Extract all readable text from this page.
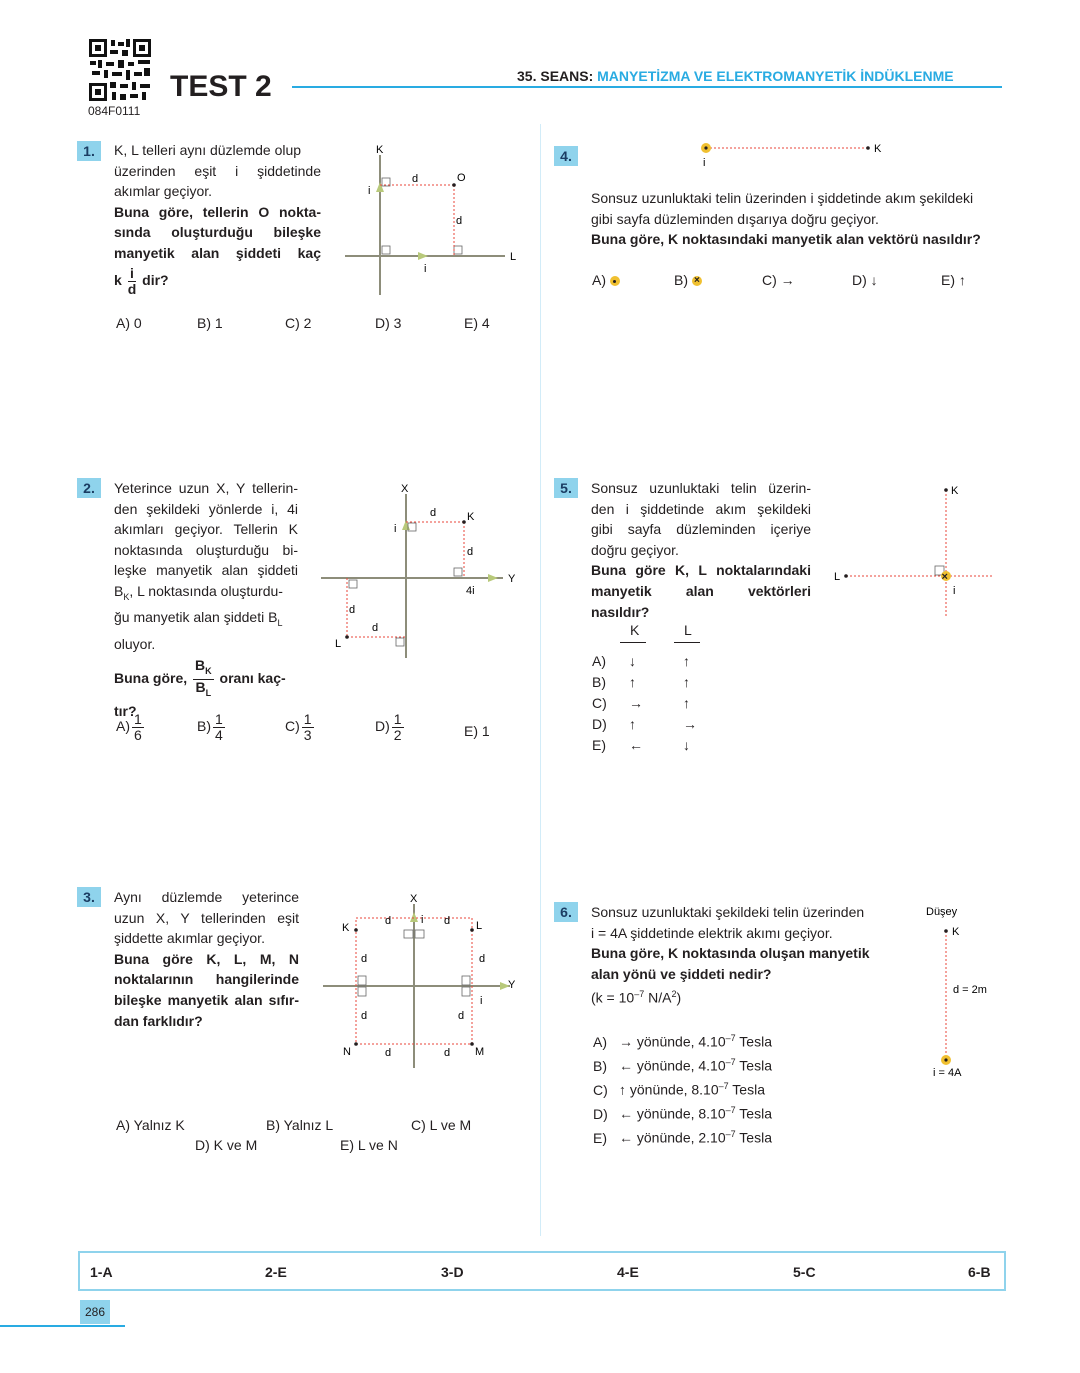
084F0111
TEST 2	35. SEANS: MANYETİZMA VE ELEKTROMANYETİK İNDÜKLENME
1.	K, L telleri aynı düzlemde olup
üzerinden eşit i şiddetinde
akımlar geçiyor.
Buna göre, tellerin O nokta-
sında oluşturduğu bileşke
manyetik alan şiddeti kaç
k $\frac{i}{d}$ dir?
K
O
L
i
i
d
d
A) 0	B) 1	C) 2	D) 3	E) 4
2.	Yeterince uzun X, Y tellerin-
den şekildeki yönlerde i, 4i
akımları geçiyor. Tellerin K
noktasında oluşturduğu bi-
leşke manyetik alan şiddeti
$B_K$, L noktasında oluşturdu-
ğu manyetik alan şiddeti $B_L$
oluyor.
Buna göre, $\frac{B_K}{B_L}$ oranı kaç-
tır?
X
Y
K
L
i
4i
d
d
d
d
$A) \frac{1}{6}$	$B) \frac{1}{4}$	$C) \frac{1}{3}$	$D) \frac{1}{2}$	E) 1
3.	Aynı düzlemde yeterince
uzun X, Y tellerinden eşit
şiddette akımlar geçiyor.
Buna göre K, L, M, N
noktalarının hangilerinde
bileşke manyetik alan sıfır-
dan farklıdır?
X
Y
K	L
M
N
i
i
d	d
d	d
d	d
d	d
A) Yalnız K	B) Yalnız L	C) L ve M
D) K ve M	E) L ve N
4.	i
K
Sonsuz uzunluktaki telin üzerinden i şiddetinde akım şekildeki
gibi sayfa düzleminden dışarıya doğru geçiyor.
Buna göre, K noktasındaki manyetik alan vektörü nasıldır?
A)	B) ×	C) →	D) ↓	E) ↑
5.	Sonsuz uzunluktaki telin üzerin-
den i şiddetinde akım şekildeki
gibi sayfa düzleminden içeriye
doğru geçiyor.
Buna göre K, L noktalarındaki
manyetik alan vektörleri nasıldır?
×
K
L
i
K	L
A) ↓	↑
B) ↑	↑
C) →	↑
D) ↑	→
E) ←	↓
6.	Sonsuz uzunluktaki şekildeki telin üzerinden
i = 4A şiddetinde elektrik akımı geçiyor.
Buna göre, K noktasında oluşan manyetik
alan yönü ve şiddeti nedir?
($k = 10^{-7}$ $N/A^2$)
Düşey
K
d = 2m
i = 4A
A) → yönünde, $4.10^{-7}$ Tesla
B) ← yönünde, $4.10^{-7}$ Tesla
C) ↑ yönünde, $8.10^{-7}$ Tesla
D) ← yönünde, $8.10^{-7}$ Tesla
E) ← yönünde, $2.10^{-7}$ Tesla
1-A	2-E	3-D	4-E	5-C	6-B
286
